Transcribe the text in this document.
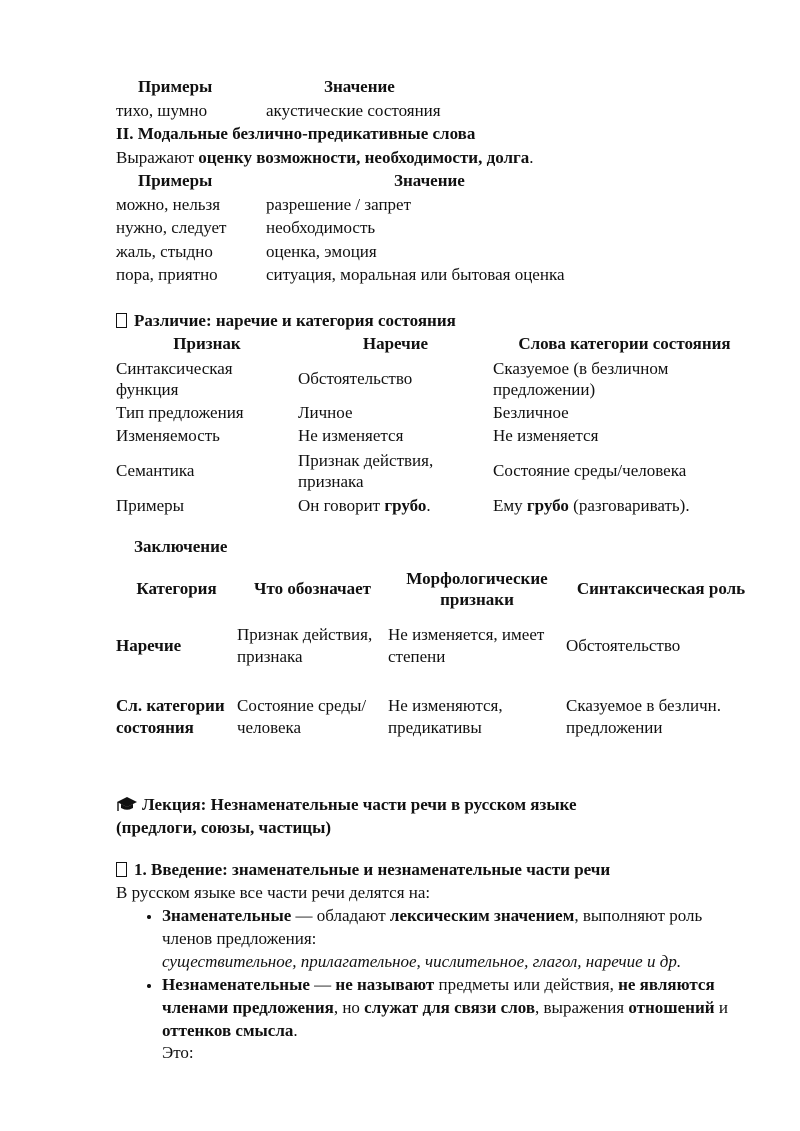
Примеры	Значение
тихо, шумно	акустические состояния
II. Модальные безлично-предикативные слова
Выражают оценку возможности, необходимости, долга.
Примеры	Значение
можно, нельзя	разрешение / запрет
нужно, следует	необходимость
жаль, стыдно	оценка, эмоция
пора, приятно	ситуация, моральная или бытовая оценка
Различие: наречие и категория состояния
Признак	Наречие	Слова категории состояния
Синтаксическая функция	Обстоятельство	Сказуемое (в безличном предложении)
Тип предложения	Личное	Безличное
Изменяемость	Не изменяется	Не изменяется
Семантика	Признак действия, признака	Состояние среды/человека
Примеры	Он говорит грубо.	Ему грубо (разговаривать).
Заключение
Категория	Что обозначает	Морфологические признаки	Синтаксическая роль
Наречие	Признак действия, признака	Не изменяется, имеет степени	Обстоятельство
Сл. категории состояния	Состояние среды/человека	Не изменяются, предикативы	Сказуемое в безличн. предложении
Лекция: Незнаменательные части речи в русском языке (предлоги, союзы, частицы)
1. Введение: знаменательные и незнаменательные части речи
В русском языке все части речи делятся на:
• Знаменательные — обладают лексическим значением, выполняют роль членов предложения:
существительное, прилагательное, числительное, глагол, наречие и др.
• Незнаменательные — не называют предметы или действия, не являются членами предложения, но служат для связи слов, выражения отношений и оттенков смысла.
Это:
